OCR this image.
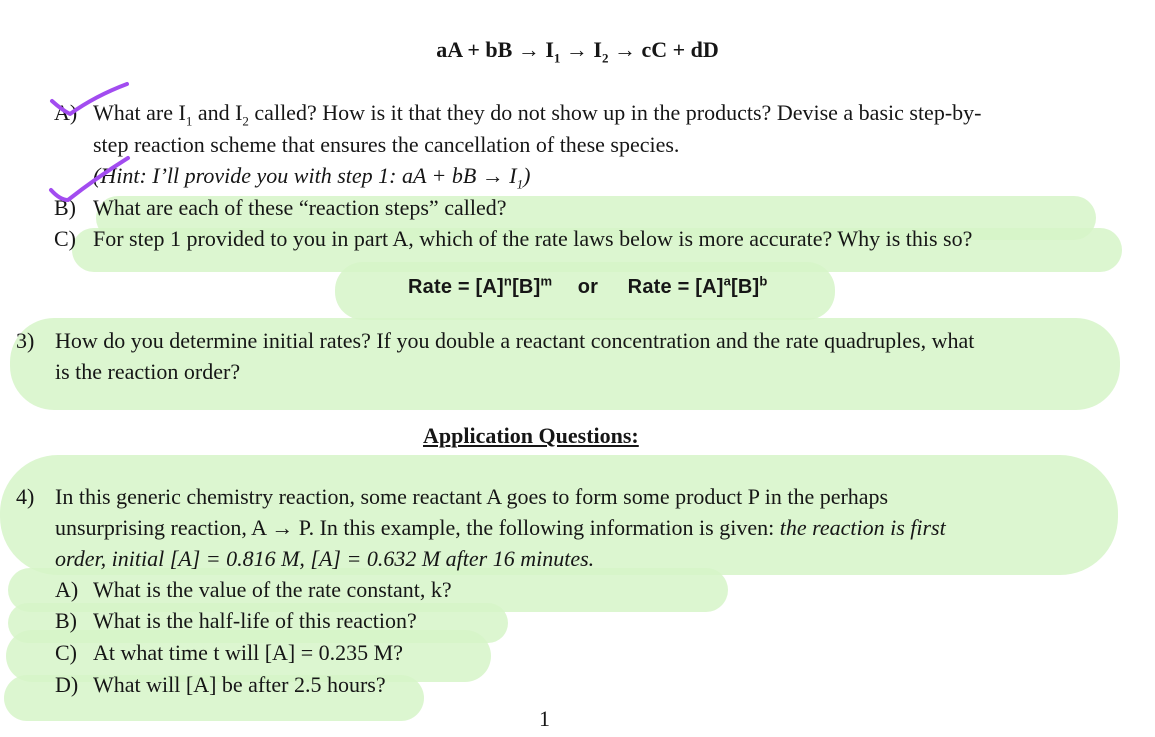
aA + bB → $I_1 \to I_2$ → cC + dD
A) What are $I_1$ and $I_2$ called? How is it that they do not show up in the products? Devise a basic step-by-
step reaction scheme that ensures the cancellation of these species.
(Hint: I’ll provide you with step 1: aA + bB → $I_1$)
B) What are each of these “reaction steps” called?
C) For step 1 provided to you in part A, which of the rate laws below is more accurate? Why is this so?
Rate = $[A]^n[B]^m$ or Rate = $[A]^a[B]^b$
3) How do you determine initial rates? If you double a reactant concentration and the rate quadruples, what
is the reaction order?
Application Questions:
4) In this generic chemistry reaction, some reactant A goes to form some product P in the perhaps
unsurprising reaction, A → P. In this example, the following information is given: the reaction is first
order, initial [A] = 0.816 M, [A] = 0.632 M after 16 minutes.
A) What is the value of the rate constant, k?
B) What is the half-life of this reaction?
C) At what time t will [A] = 0.235 M?
D) What will [A] be after 2.5 hours?
1
